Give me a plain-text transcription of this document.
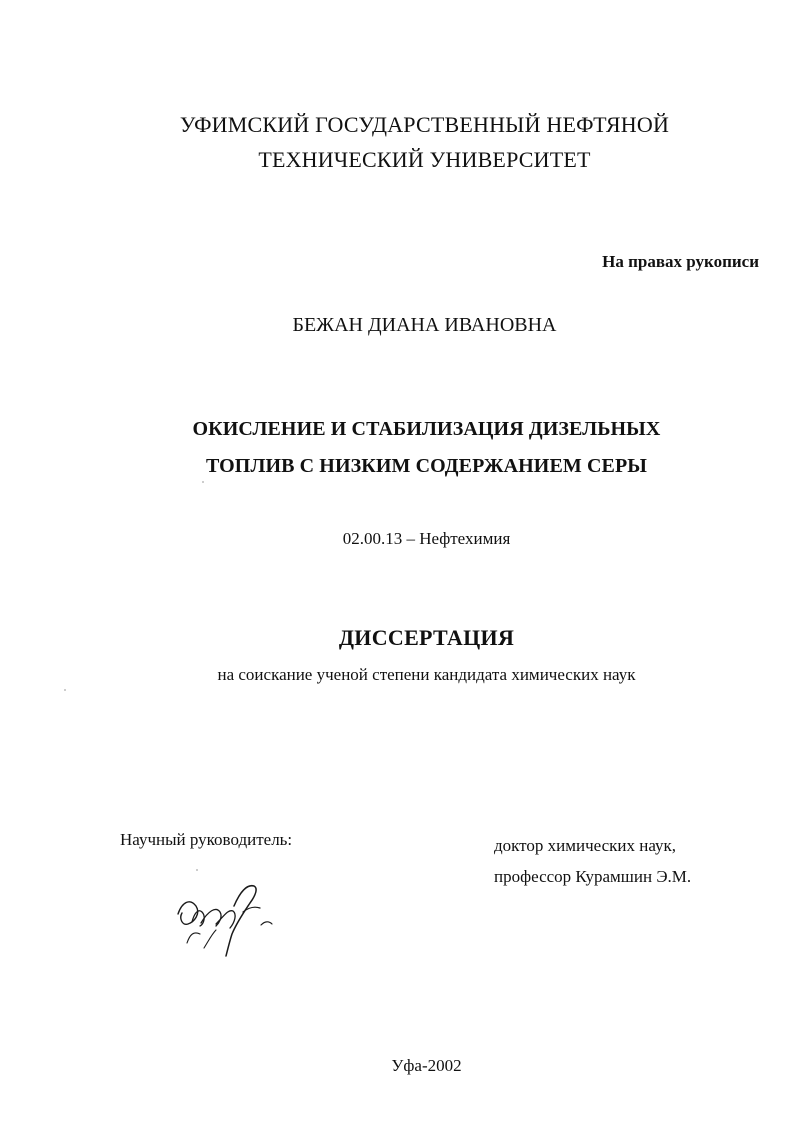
УФИМСКИЙ ГОСУДАРСТВЕННЫЙ НЕФТЯНОЙ
ТЕХНИЧЕСКИЙ УНИВЕРСИТЕТ
На правах рукописи
БЕЖАН ДИАНА ИВАНОВНА
ОКИСЛЕНИЕ И СТАБИЛИЗАЦИЯ ДИЗЕЛЬНЫХ
ТОПЛИВ С НИЗКИМ СОДЕРЖАНИЕМ СЕРЫ
02.00.13 – Нефтехимия
ДИССЕРТАЦИЯ
на соискание ученой степени кандидата химических наук
Научный руководитель:	доктор химических наук,
профессор Курамшин Э.М.
Уфа-2002
